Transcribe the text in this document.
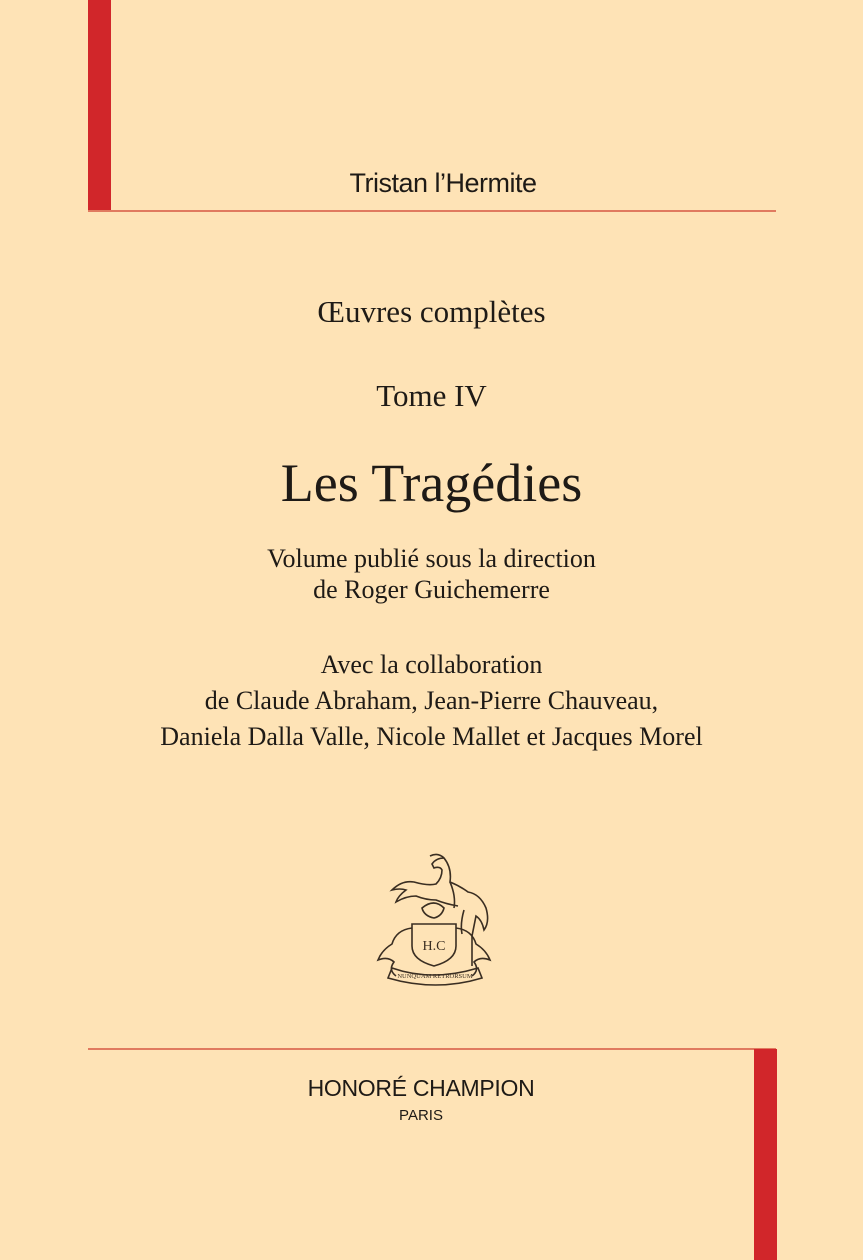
Tristan l’Hermite
Œuvres complètes
Tome IV
Les Tragédies
Volume publié sous la direction
de Roger Guichemerre
Avec la collaboration
de Claude Abraham, Jean-Pierre Chauveau,
Daniela Dalla Valle, Nicole Mallet et Jacques Morel
H.C
NUNQUAM RETRORSUM
HONORÉ CHAMPION
PARIS
